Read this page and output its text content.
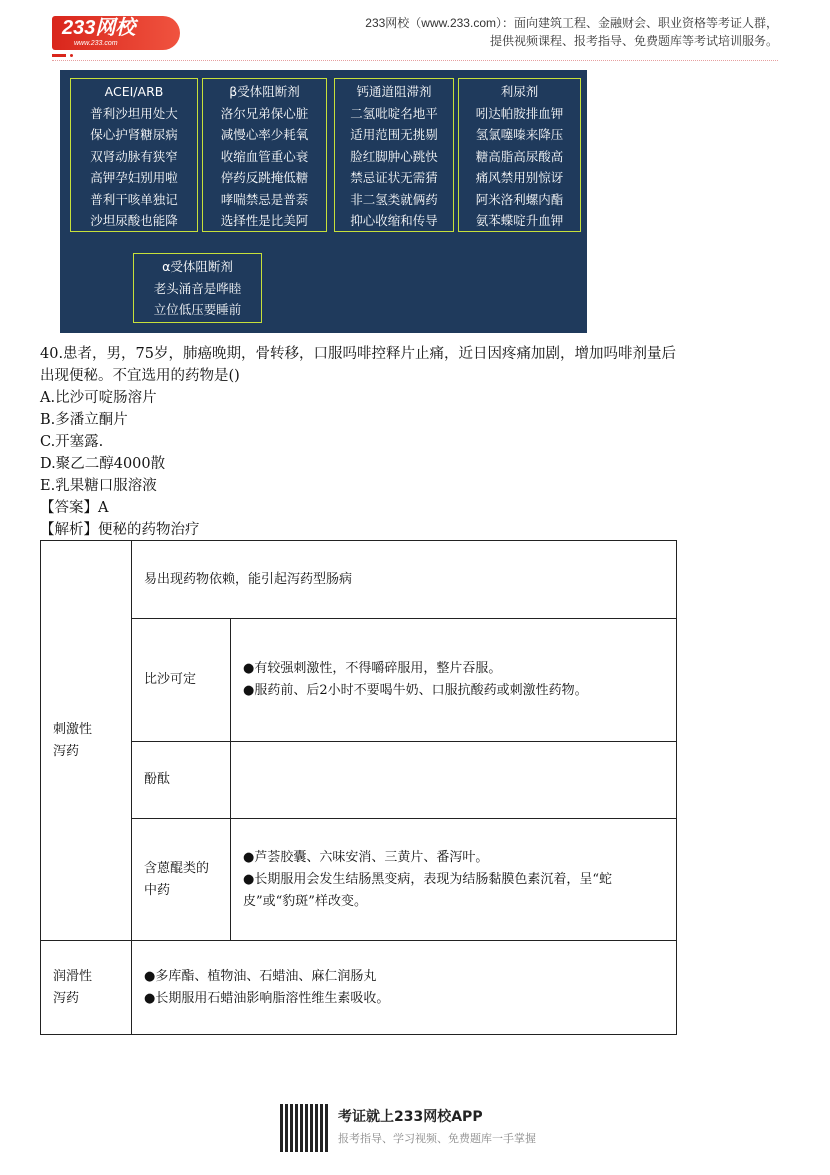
233网校
www.233.com
233网校（www.233.com）：面向建筑工程、金融财会、职业资格等考证人群，
提供视频课程、报考指导、免费题库等考试培训服务。
ACEI/ARB
普利沙坦用处大
保心护肾糖尿病
双肾动脉有狭窄
高钾孕妇别用啦
普利干咳单独记
沙坦尿酸也能降
β受体阻断剂
洛尔兄弟保心脏
减慢心率少耗氧
收缩血管重心衰
停药反跳掩低糖
哮喘禁忌是普萘
选择性是比美阿
钙通道阻滞剂
二氢吡啶名地平
适用范围无挑剔
脸红脚肿心跳快
禁忌证状无需猜
非二氢类就俩药
抑心收缩和传导
利尿剂
吲达帕胺排血钾
氢氯噻嗪来降压
糖高脂高尿酸高
痛风禁用别惊讶
阿米洛利螺内酯
氨苯蝶啶升血钾
α受体阻断剂
老头涌音是哗睦
立位低压要睡前
40.患者，男，75岁，肺癌晚期，骨转移，口服吗啡控释片止痛，近日因疼痛加剧，增加吗啡剂量后
出现便秘。不宜选用的药物是()
A.比沙可啶肠溶片
B.多潘立酮片
C.开塞露.
D.聚乙二醇4000散
E.乳果糖口服溶液
【答案】A
【解析】便秘的药物治疗
刺激性泻药	易出现药物依赖，能引起泻药型肠病	
	比沙可定	●有较强刺激性，不得嚼碎服用，整片吞服。
●服药前、后2小时不要喝牛奶、口服抗酸药或刺激性药物。

	酚酞	
	含蒽醌类的中药	●芦荟胶囊、六味安消、三黄片、番泻叶。
●长期服用会发生结肠黑变病，表现为结肠黏膜色素沉着，呈“蛇皮”或“豹斑”样改变。

润滑性泻药	●多库酯、植物油、石蜡油、麻仁润肠丸
●长期服用石蜡油影响脂溶性维生素吸收。	
考证就上233网校APP
报考指导、学习视频、免费题库一手掌握
